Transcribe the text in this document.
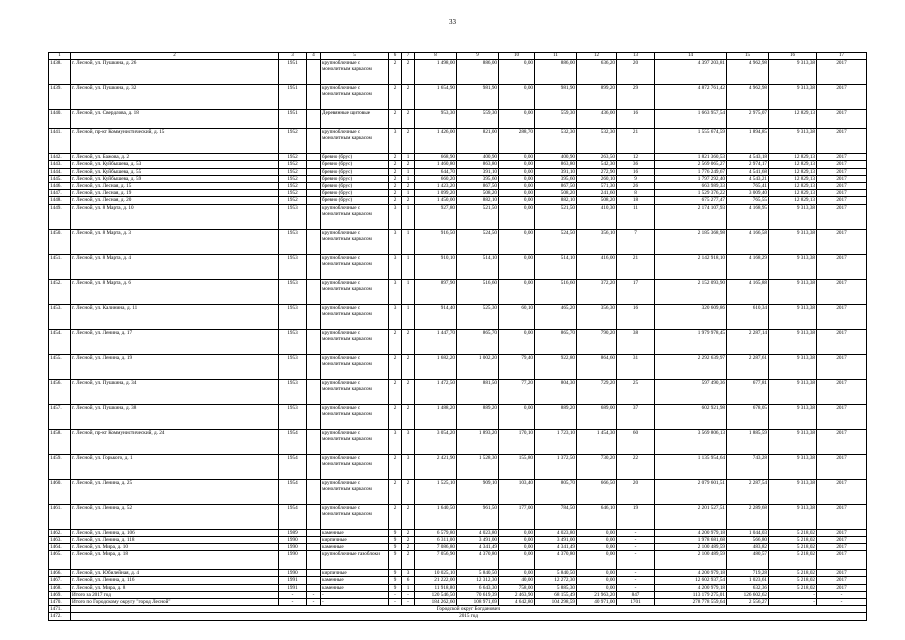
33
1	2	3	4	5	6	7	8	9	10	11	12	13	14	15	16	17
1438.	г. Лесной, ул. Пушкина, д. 26	1951		крупноблочные с монолитным каркасом	2	2	1 498,00	886,00	0,00	886,00	636,20	20	4 397 203,81	4 962,98	9 313,38	2017
1439.	г. Лесной, ул. Пушкина, д. 32	1951		крупноблочные с монолитным каркасом	2	2	1 654,90	981,90	0,00	981,90	899,20	29	4 872 761,42	4 962,98	9 313,38	2017
1440.	г. Лесной, ул. Свердлова, д. 18	1951		Деревянные щитовые	2	2	953,30	559,30	0,00	559,30	436,00	16	1 663 957,54	2 975,07	12 829,13	2017
1441.	г. Лесной, пр-кт Коммунистический, д. 15	1952		крупноблочные с монолитным каркасом	3	2	1 426,00	821,00	288,70	532,30	532,30	21	1 555 674,59	1 894,85	9 313,38	2017
1442.	г. Лесной, ул. Бажова, д. 2	1952		бревно (брус)	2	1	668,90	400,90	0,00	400,90	263,50	12	1 821 360,53	4 543,18	12 829,13	2017
1443.	г. Лесной, ул. Куйбышева, д. 53	1952		бревно (брус)	2	2	1 460,80	863,80	0,00	863,80	542,30	36	2 569 065,27	2 974,17	12 829,13	2017
1444.	г. Лесной, ул. Куйбышева, д. 55	1952		бревно (брус)	2	1	644,70	391,10	0,00	391,10	272,90	16	1 776 249,67	4 541,68	12 829,13	2017
1445.	г. Лесной, ул. Куйбышева, д. 59	1952		бревно (брус)	2	1	660,20	395,60	0,00	395,60	260,10	9	1 797 292,40	4 543,21	12 829,13	2017
1446.	г. Лесной, ул. Лесная, д. 15	1952		бревно (брус)	2	2	1 423,20	867,50	0,00	867,50	571,30	26	663 989,33	765,41	12 829,13	2017
1447.	г. Лесной, ул. Лесная, д. 19	1952		бревно (брус)	2	1	1 099,20	508,20	0,00	508,20	241,60	8	1 529 376,22	3 009,40	12 829,13	2017
1448.	г. Лесной, ул. Лесная, д. 20	1952		бревно (брус)	2	2	1 450,00	882,10	0,00	882,10	508,20	18	675 277,47	765,55	12 829,13	2017
1449.	г. Лесной, ул. 8 Марта, д. 10	1953		крупноблочные с монолитным каркасом	3	1	927,80	521,50	0,00	521,50	410,30	11	2 174 107,93	4 168,95	9 313,38	2017
1450.	г. Лесной, ул. 8 Марта, д. 3	1953		крупноблочные с монолитным каркасом	3	1	916,50	524,50	0,00	524,50	356,10	7	2 185 368,98	4 166,58	9 313,38	2017
1451.	г. Лесной, ул. 8 Марта, д. 4	1953		крупноблочные с монолитным каркасом	3	1	910,10	514,10	0,00	514,10	416,00	21	2 142 918,10	4 168,29	9 313,38	2017
1452.	г. Лесной, ул. 8 Марта, д. 6	1953		крупноблочные с монолитным каркасом	3	1	897,90	516,60	0,00	516,60	372,20	17	2 152 093,90	4 165,88	9 313,38	2017
1453.	г. Лесной, ул. Калинина, д. 11	1953		крупноблочные с монолитным каркасом	3	1	914,40	525,30	60,10	465,20	356,30	16	320 609,86	610,34	9 313,38	2017
1454.	г. Лесной, ул. Ленина, д. 17	1953		крупноблочные с монолитным каркасом	2	2	1 447,70	865,70	0,00	865,70	790,20	38	1 979 978,45	2 287,14	9 313,38	2017
1455.	г. Лесной, ул. Ленина, д. 19	1953		крупноблочные с монолитным каркасом	2	2	1 682,20	1 002,20	79,40	922,80	864,60	31	2 292 639,97	2 287,61	9 313,38	2017
1456.	г. Лесной, ул. Пушкина, д. 34	1953		крупноблочные с монолитным каркасом	2	2	1 472,50	881,50	77,20	804,30	729,20	25	597 490,36	677,81	9 313,38	2017
1457.	г. Лесной, ул. Пушкина, д. 38	1953		крупноблочные с монолитным каркасом	2	2	1 488,20	889,20	0,00	889,20	689,00	37	602 921,98	678,05	9 313,38	2017
1458.	г. Лесной, пр-кт Коммунистический, д. 24	1954		крупноблочные с монолитным каркасом	3	3	3 054,20	1 893,20	170,10	1 723,10	1 454,30	60	3 569 806,13	1 885,59	9 313,38	2017
1459.	г. Лесной, ул. Горького, д. 1	1954		крупноблочные с монолитным каркасом	2	3	2 421,90	1 528,30	155,80	1 372,50	730,20	22	1 135 954,64	743,28	9 313,38	2017
1460.	г. Лесной, ул. Ленина, д. 25	1954		крупноблочные с монолитным каркасом	2	2	1 525,10	909,10	103,40	805,70	666,50	20	2 079 601,51	2 287,54	9 313,38	2017
1461.	г. Лесной, ул. Ленина, д. 52	1954		крупноблочные с монолитным каркасом	2	2	1 640,50	961,50	177,00	784,50	646,10	19	2 201 527,51	2 289,68	9 313,38	2017
1462.	г. Лесной, ул. Ленина, д. 106	1989		каменные	9	2	6 579,80	4 023,80	0,00	4 023,80	0,00	-	4 200 979,18	1 044,03	5 218,02	2017
1463.	г. Лесной, ул. Ленина, д. 118	1990		кирпичные	9	2	6 311,00	3 491,00	0,00	3 491,00	0,00	-	1 978 681,68	566,80	5 218,02	2017
1464.	г. Лесной, ул. Мира, д. 10	1990		каменные	9	2	7 086,80	4 341,49	0,00	4 341,49	0,00	-	2 100 489,59	483,82	5 218,02	2017
1465.	г. Лесной, ул. Мира, д. 18	1990		крупноблочные газоблоки	9	2	7 056,90	4 370,80	0,00	4 370,80	0,00	-	2 100 489,59	480,57	5 218,02	2017
1466.	г. Лесной, ул. Юбилейная, д. 4	1990		кирпичные	9	3	10 025,10	5 840,50	0,00	5 840,50	0,00	-	4 200 979,18	719,28	5 218,02	2017
1467.	г. Лесной, ул. Ленина, д. 116	1991		каменные	9	6	21 222,00	12 312,30	40,00	12 272,30	0,00	-	12 602 937,54	1 023,61	5 218,02	2017
1468.	г. Лесной, ул. Мира, д. 8	1991		каменные	9	1	11 918,80	6 643,30	758,00	5 885,30	0,00	-	4 200 979,18	632,36	5 218,02	2017
1469.	Итого за 2017 год	-	-	-	-	-	120 546,50	70 619,39	2 463,90	68 155,49	21 963,20	847	113 179 275,01	126 602,62	-	-
1470.	Итого по Городскому округу "город Лесной"	-	-	-	-	-	184 262,60	108 971,69	4 642,80	104 298,59	40 971,00	1701	278 778 559,64	2 556,27	-	-
1471.	Городской округ Богданович															
1472.	2015 год															
